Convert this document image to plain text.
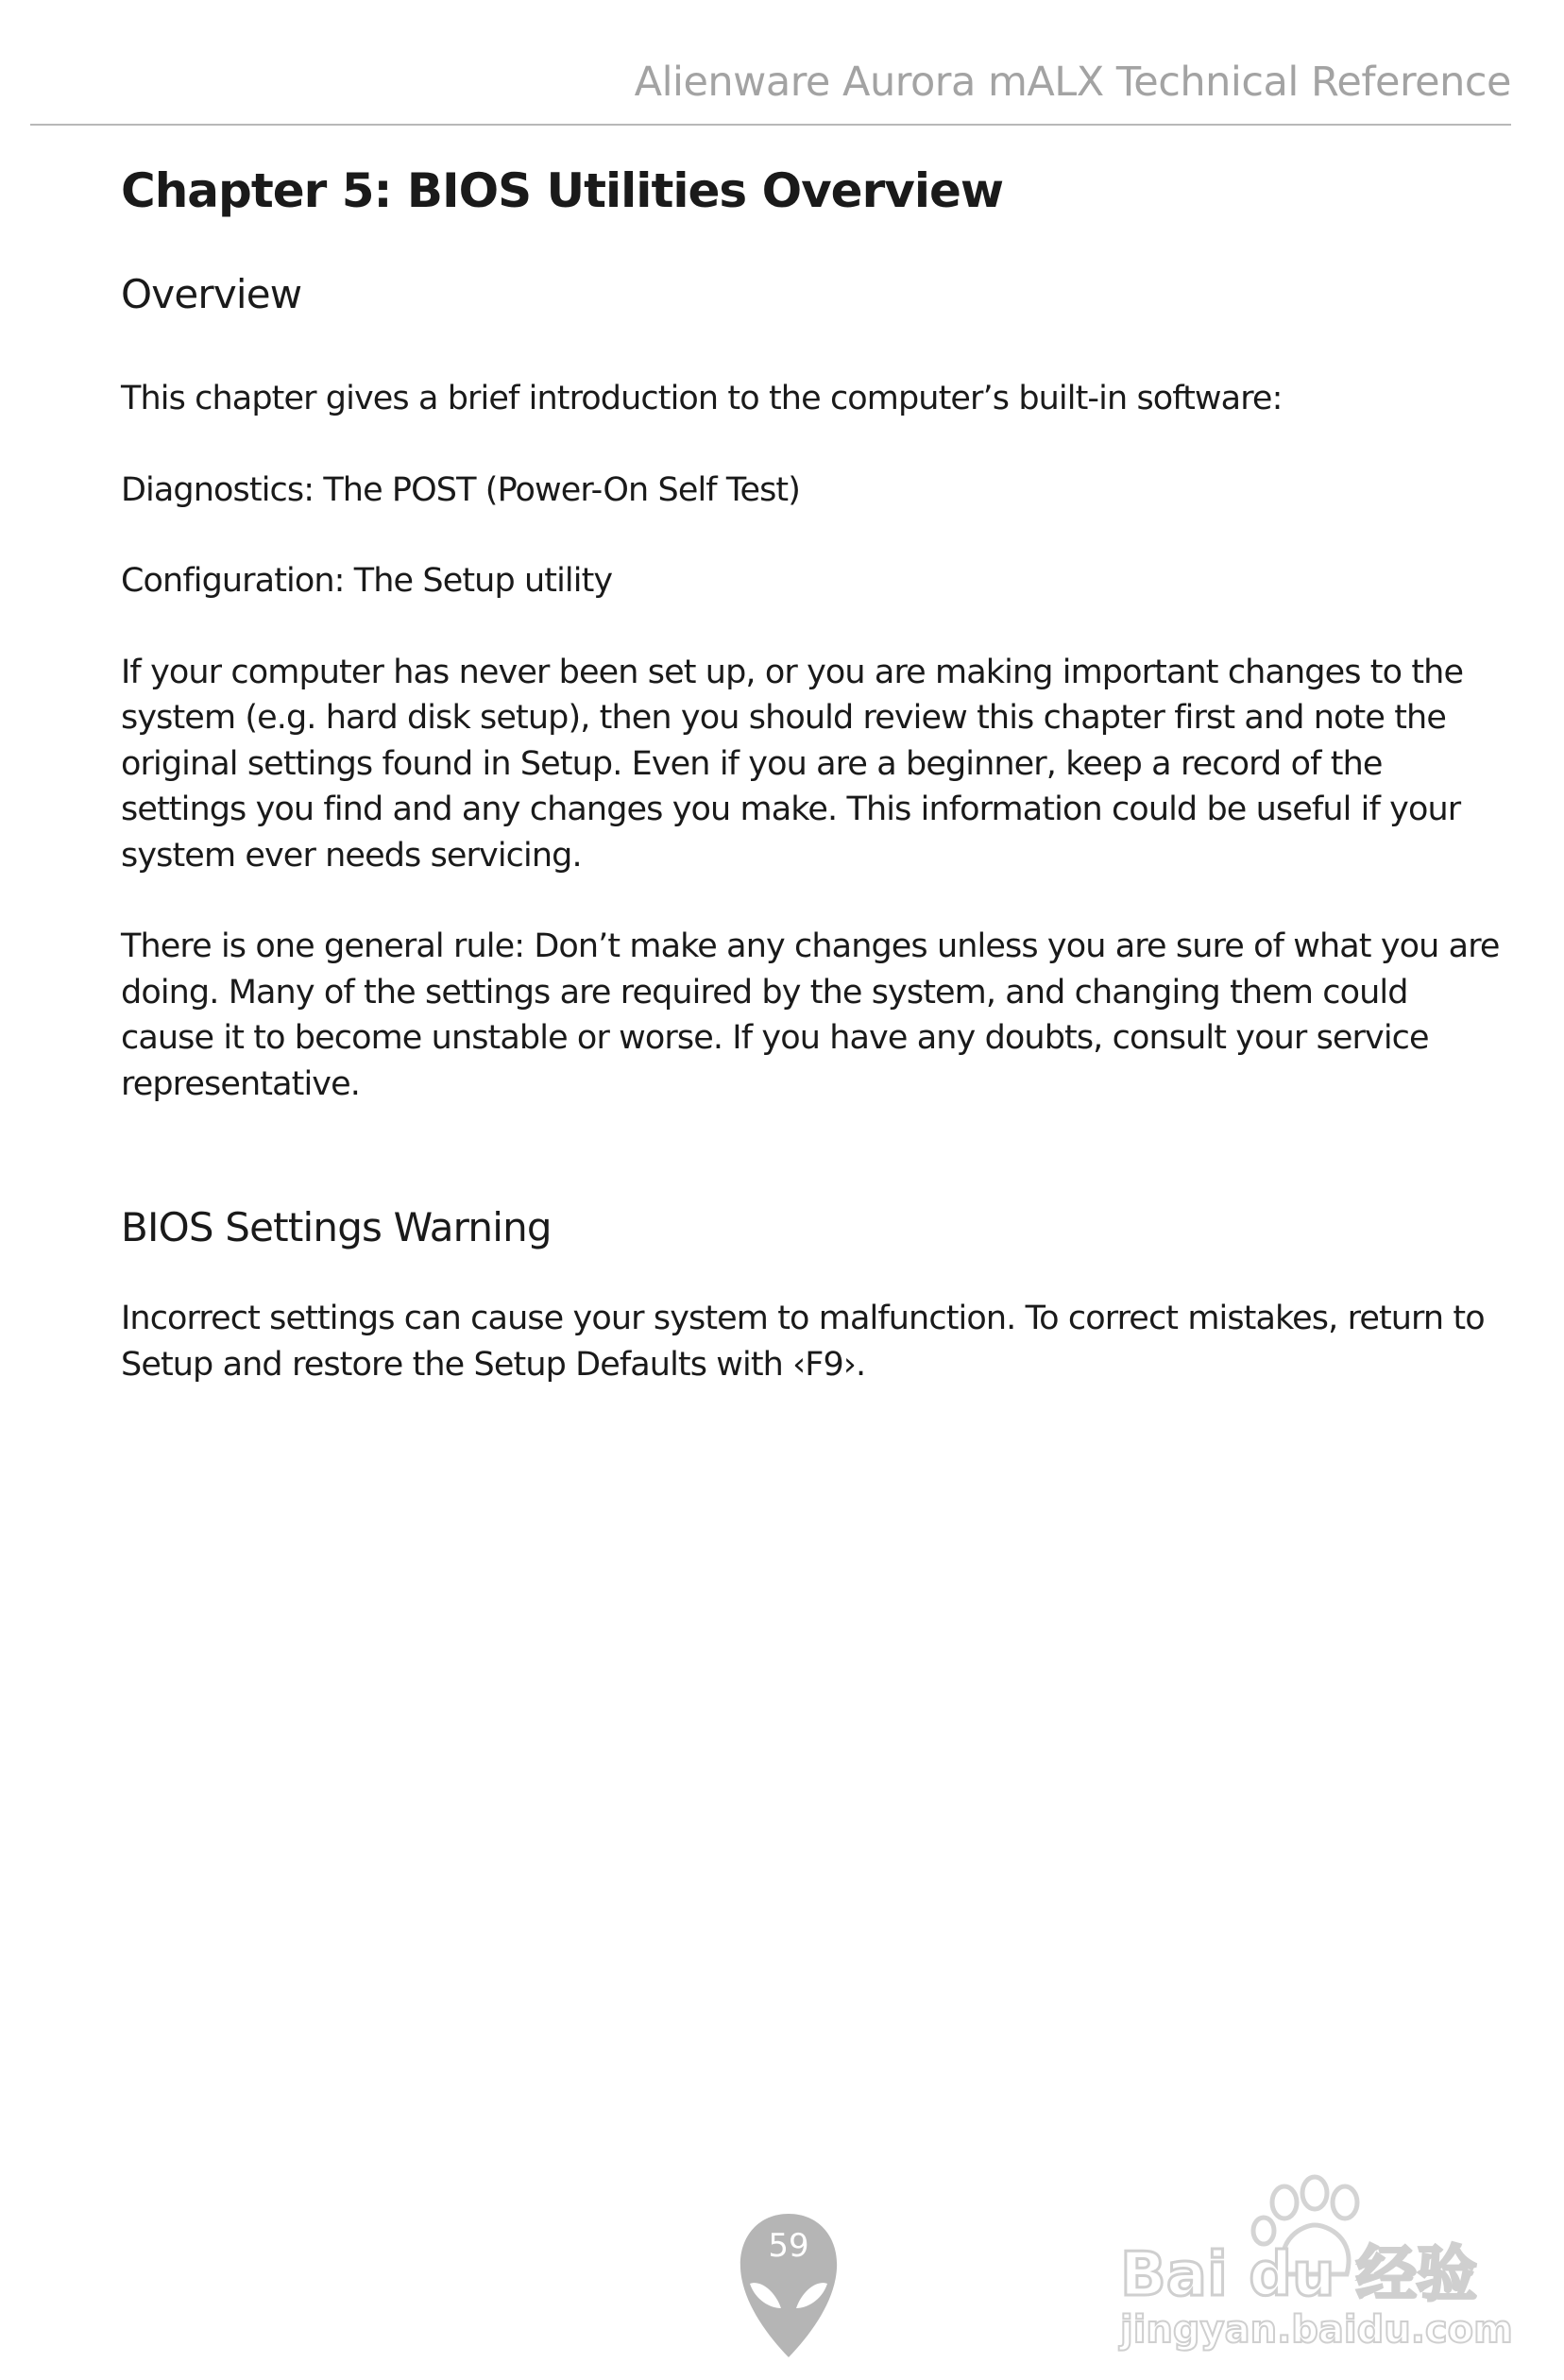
Alienware Aurora mALX Technical Reference
Chapter 5: BIOS Utilities Overview
Overview

This chapter gives a brief introduction to the computer’s built-in software:

Diagnostics: The POST (Power-On Self Test)

Configuration: The Setup utility

If your computer has never been set up, or you are making important changes to the system (e.g. hard disk setup), then you should review this chapter first and note the original settings found in Setup. Even if you are a beginner, keep a record of the settings you find and any changes you make. This information could be useful if your system ever needs servicing.

There is one general rule: Don’t make any changes unless you are sure of what you are doing. Many of the settings are required by the system, and changing them could cause it to become unstable or worse. If you have any doubts, consult your service representative.

BIOS Settings Warning

Incorrect settings can cause your system to malfunction. To correct mistakes, return to Setup and restore the Setup Defaults with ‹F9›.

59	Bai du 经验
jingyan.baidu.com
